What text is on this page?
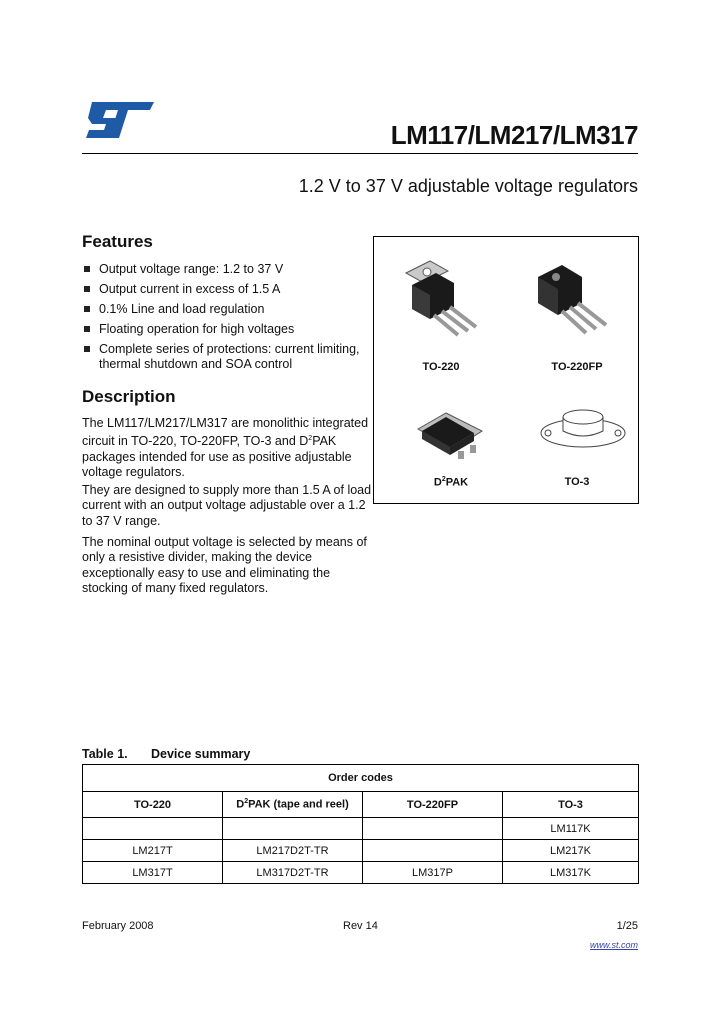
LM117/LM217/LM317
1.2 V to 37 V adjustable voltage regulators
Features
Output voltage range: 1.2 to 37 V
Output current in excess of 1.5 A
0.1% Line and load regulation
Floating operation for high voltages
Complete series of protections: current limiting, thermal shutdown and SOA control
Description
The LM117/LM217/LM317 are monolithic integrated circuit in TO-220, TO-220FP, TO-3 and $D^2PAK$ packages intended for use as positive adjustable voltage regulators.
They are designed to supply more than 1.5 A of load current with an output voltage adjustable over a 1.2 to 37 V range.
The nominal output voltage is selected by means of only a resistive divider, making the device exceptionally easy to use and eliminating the stocking of many fixed regulators.
TO-220	TO-220FP
$D^2PAK$	TO-3
Table 1. Device summary
Order codes			
TO-220	$D^2PAK$ (tape and reel)	TO-220FP	TO-3
			LM117K
LM217T	LM217D2T-TR		LM217K
LM317T	LM317D2T-TR	LM317P	LM317K
February 2008	Rev 14	1/25
www.st.com
